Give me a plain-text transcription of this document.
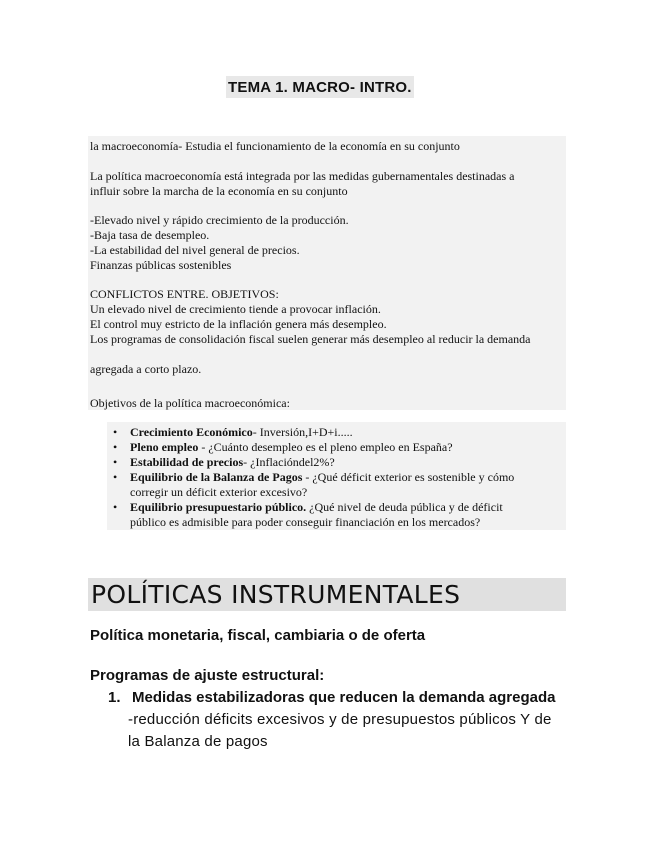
TEMA 1. MACRO- INTRO.
la macroeconomía- Estudia el funcionamiento de la economía en su conjunto
La política macroeconomía está integrada por las medidas gubernamentales destinadas a
influir sobre la marcha de la economía en su conjunto
-Elevado nivel y rápido crecimiento de la producción.
-Baja tasa de desempleo.
-La estabilidad del nivel general de precios.
Finanzas públicas sostenibles
CONFLICTOS ENTRE. OBJETIVOS:
Un elevado nivel de crecimiento tiende a provocar inflación.
El control muy estricto de la inflación genera más desempleo.
Los programas de consolidación fiscal suelen generar más desempleo al reducir la demanda
agregada a corto plazo.
Objetivos de la política macroeconómica:
• Crecimiento Económico- Inversión,I+D+i.....
• Pleno empleo - ¿Cuánto desempleo es el pleno empleo en España?
• Estabilidad de precios- ¿Inflacióndel2%?
• Equilibrio de la Balanza de Pagos - ¿Qué déficit exterior es sostenible y cómo
corregir un déficit exterior excesivo?
• Equilibrio presupuestario público. ¿Qué nivel de deuda pública y de déficit
público es admisible para poder conseguir financiación en los mercados?
POLÍTICAS INSTRUMENTALES
Política monetaria, fiscal, cambiaria o de oferta
Programas de ajuste estructural:
1. Medidas estabilizadoras que reducen la demanda agregada
-reducción déficits excesivos y de presupuestos públicos Y de
la Balanza de pagos
